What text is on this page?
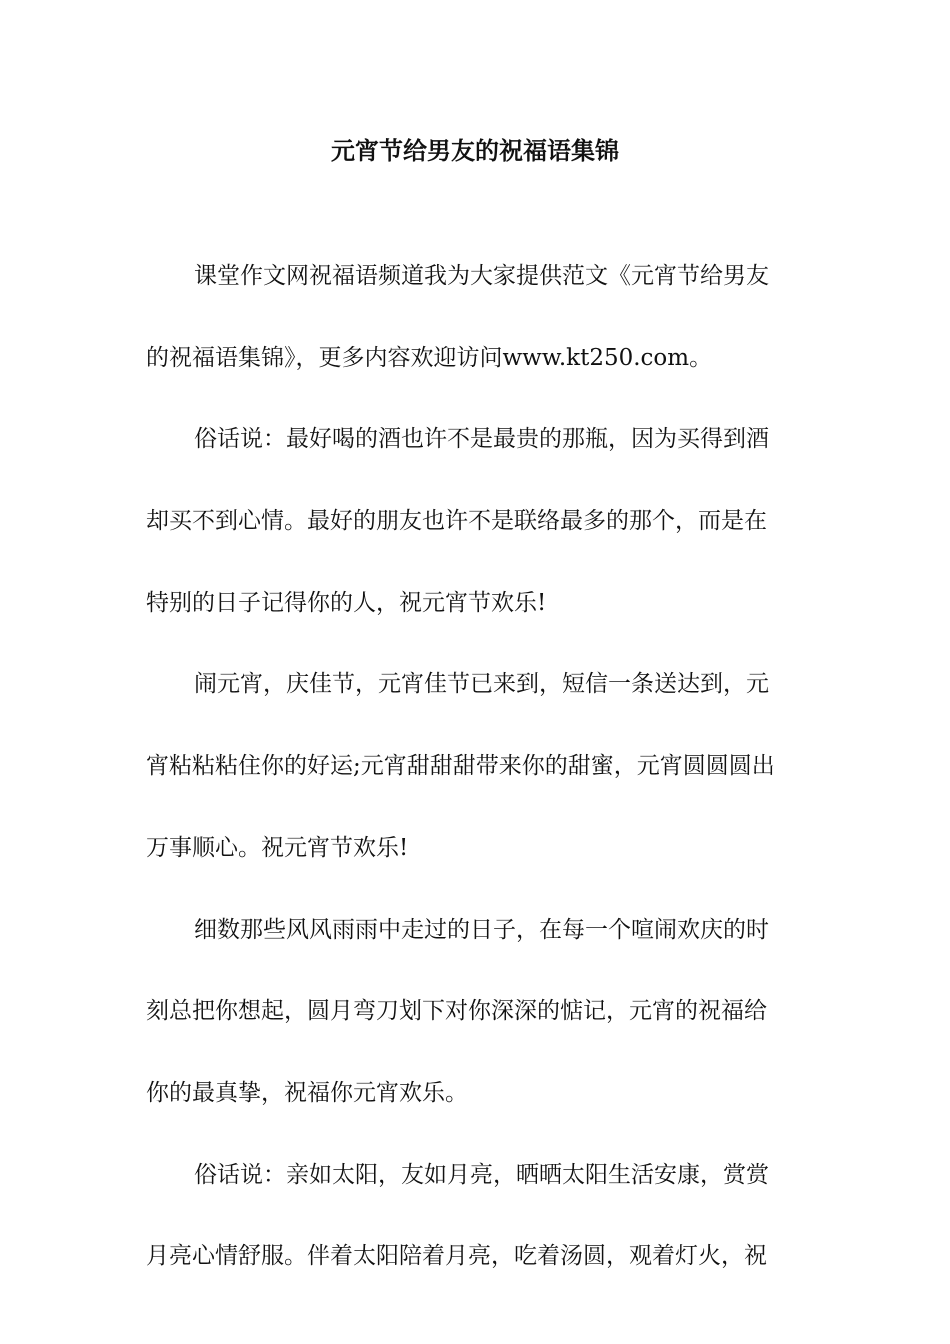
元宵节给男友的祝福语集锦
课堂作文网祝福语频道我为大家提供范文《元宵节给男友
的祝福语集锦》，更多内容欢迎访问www.kt250.com。
俗话说：最好喝的酒也许不是最贵的那瓶，因为买得到酒
却买不到心情。最好的朋友也许不是联络最多的那个，而是在
特别的日子记得你的人，祝元宵节欢乐!
闹元宵，庆佳节，元宵佳节已来到，短信一条送达到，元
宵粘粘粘住你的好运;元宵甜甜甜带来你的甜蜜，元宵圆圆圆出
万事顺心。祝元宵节欢乐!
细数那些风风雨雨中走过的日子，在每一个喧闹欢庆的时
刻总把你想起，圆月弯刀划下对你深深的惦记，元宵的祝福给
你的最真挚，祝福你元宵欢乐。
俗话说：亲如太阳，友如月亮，晒晒太阳生活安康，赏赏
月亮心情舒服。伴着太阳陪着月亮，吃着汤圆，观着灯火，祝
